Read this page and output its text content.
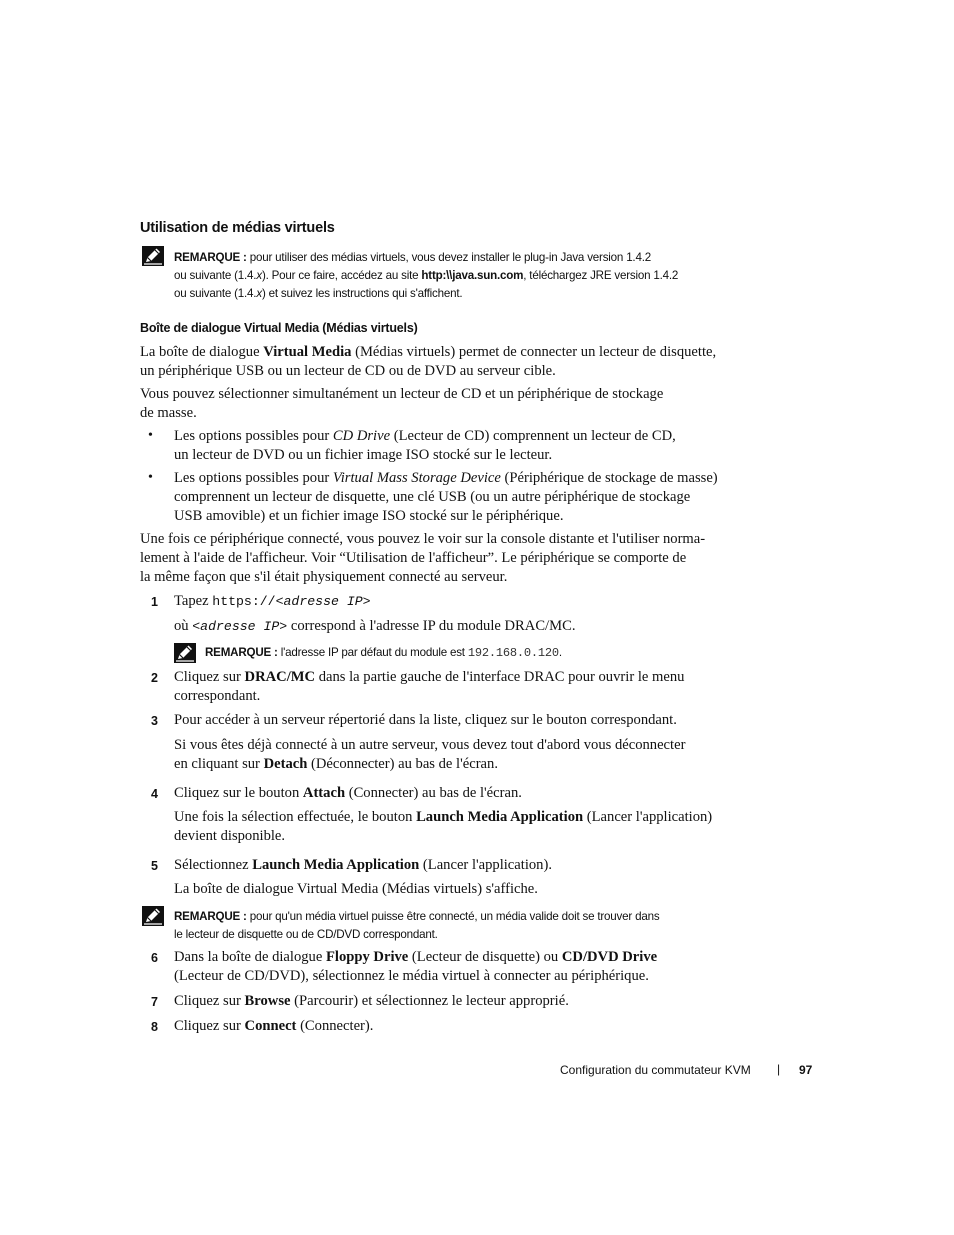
Utilisation de médias virtuels
REMARQUE : pour utiliser des médias virtuels, vous devez installer le plug-in Java version 1.4.2
ou suivante (1.4.x). Pour ce faire, accédez au site http:\\java.sun.com, téléchargez JRE version 1.4.2
ou suivante (1.4.x) et suivez les instructions qui s'affichent.
Boîte de dialogue Virtual Media (Médias virtuels)
La boîte de dialogue Virtual Media (Médias virtuels) permet de connecter un lecteur de disquette,
un périphérique USB ou un lecteur de CD ou de DVD au serveur cible.
Vous pouvez sélectionner simultanément un lecteur de CD et un périphérique de stockage
de masse.
• Les options possibles pour CD Drive (Lecteur de CD) comprennent un lecteur de CD,
un lecteur de DVD ou un fichier image ISO stocké sur le lecteur.
• Les options possibles pour Virtual Mass Storage Device (Périphérique de stockage de masse)
comprennent un lecteur de disquette, une clé USB (ou un autre périphérique de stockage
USB amovible) et un fichier image ISO stocké sur le périphérique.
Une fois ce périphérique connecté, vous pouvez le voir sur la console distante et l'utiliser norma-
lement à l'aide de l'afficheur. Voir “Utilisation de l'afficheur”. Le périphérique se comporte de
la même façon que s'il était physiquement connecté au serveur.
1 Tapez https://<adresse IP>
où <adresse IP> correspond à l'adresse IP du module DRAC/MC.
REMARQUE : l'adresse IP par défaut du module est 192.168.0.120.
2 Cliquez sur DRAC/MC dans la partie gauche de l'interface DRAC pour ouvrir le menu
correspondant.
3 Pour accéder à un serveur répertorié dans la liste, cliquez sur le bouton correspondant.
Si vous êtes déjà connecté à un autre serveur, vous devez tout d'abord vous déconnecter
en cliquant sur Detach (Déconnecter) au bas de l'écran.
4 Cliquez sur le bouton Attach (Connecter) au bas de l'écran.
Une fois la sélection effectuée, le bouton Launch Media Application (Lancer l'application)
devient disponible.
5 Sélectionnez Launch Media Application (Lancer l'application).
La boîte de dialogue Virtual Media (Médias virtuels) s'affiche.
REMARQUE : pour qu'un média virtuel puisse être connecté, un média valide doit se trouver dans
le lecteur de disquette ou de CD/DVD correspondant.
6 Dans la boîte de dialogue Floppy Drive (Lecteur de disquette) ou CD/DVD Drive
(Lecteur de CD/DVD), sélectionnez le média virtuel à connecter au périphérique.
7 Cliquez sur Browse (Parcourir) et sélectionnez le lecteur approprié.
8 Cliquez sur Connect (Connecter).
Configuration du commutateur KVM | 97
